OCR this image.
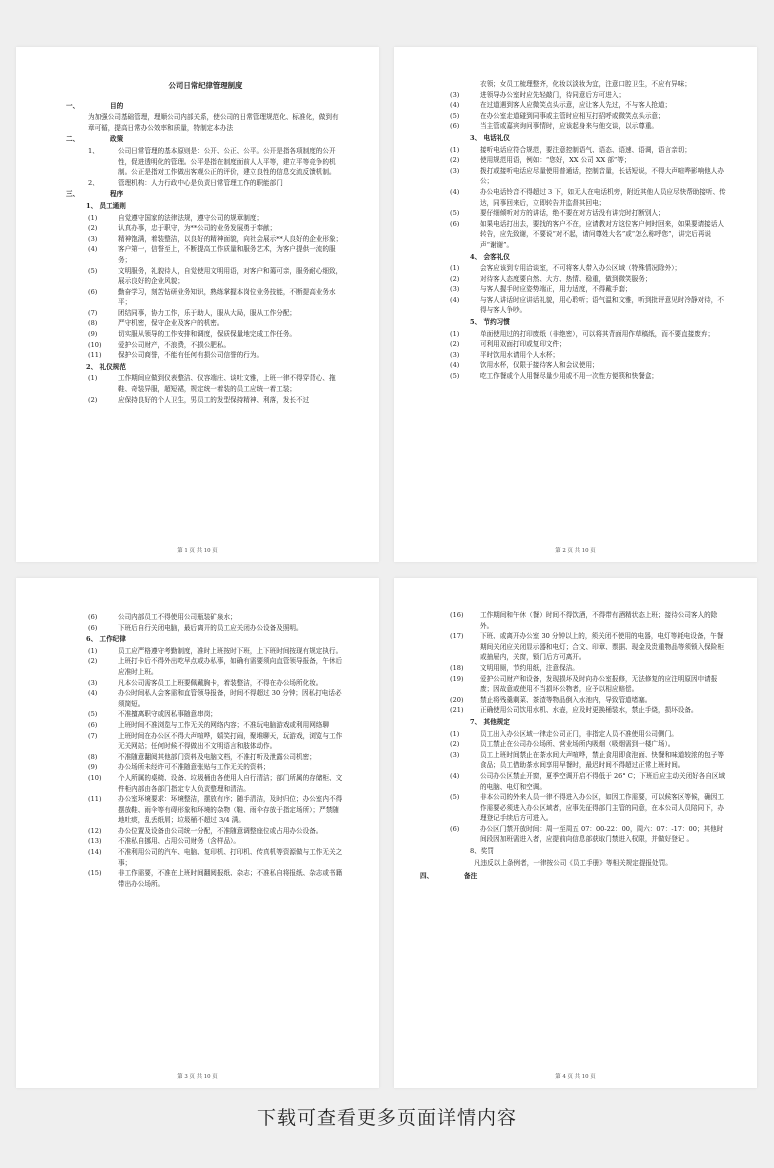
公司日常纪律管理制度
一、	目的
为加强公司基础管理，理顺公司内部关系，使公司的日常管理规范化、标准化，做到有章可循，提高日常办公效率和质量，特制定本办法
二、	政策
1、	公司日常管理的基本原则是：公开、公正、公平。公开是指各项制度的公开性，促进透明化的管理。公平是指在制度面前人人平等，建立平等竞争的机制。公正是指对工作做出客观公正的评价，建立良性的信息交流反馈机制。
2、	管理机构：人力行政中心是负责日常管理工作的职能部门
三、	程序
1、 员工通则
(1)	自觉遵守国家的法律法规，遵守公司的规章制度；
(2)	认真办事，忠于职守，为**公司的业务发展勇于奉献；
(3)	精神饱满，着装整洁，以良好的精神面貌，向社会展示**人良好的企业形象；
(4)	客户第一，信誉至上，不断提高工作质量和服务艺术，为客户提供一流的服务；
(5)	文明服务，礼貌待人，自觉使用文明用语，对客户和蔼可亲，服务耐心细致，展示良好的企业风貌；
(6)	勤奋学习，刻苦钻研业务知识，熟练掌握本岗位业务技能，不断提高业务水平；
(7)	团结同事，协力工作，乐于助人，服从大局，服从工作分配；
(8)	严守机密，保守企业及客户的机密。
(9)	切实服从领导的工作安排和调度，保质保量地完成工作任务。
(10)	爱护公司财产，不浪费，不损公肥私。
(11)	保护公司商誉，不能有任何有损公司信誉的行为。
2、 礼仪规范
(1)	工作期间应做到仪表整洁、仪容端庄、谈吐文雅，上班一律不得穿背心、拖鞋、奇装异服，超短裙，规定统一着装的员工应统一着工装；
(2)	应保持良好的个人卫生，男员工的发型保持精神、利落，发长不过
第 1 页 共 10 页
衣领；女员工梳理整齐，化妆以淡妆为宜，注意口腔卫生，不应有异味；
(3)	进领导办公室时应先轻敲门，待同意后方可进入；
(4)	在过道遇到客人应微笑点头示意，应让客人先过，不与客人抢道；
(5)	在办公室走道碰到同事或主管时应相互打招呼或微笑点头示意；
(6)	当主管或嘉宾询问事情时，应该起身来与他交谈，以示尊重。
3、 电话礼仪
(1)	接听电话应符合规范，要注意控制语气、语态、语速、语调，语言亲切；
(2)	使用规范用语，例如：“您好，XX 公司 XX 部”等；
(3)	拨打或接听电话应尽量使用普通话，控制音量，长话短说，不得大声喧哗影响他人办公；
(4)	办公电话铃音不得超过 3 下，如无人在电话机旁，附近其他人员应尽快帮助接听、传达，同事回来后，立即转告并监督其回电；
(5)	要仔细倾听对方的讲话，绝不要在对方话没有讲完时打断别人；
(6)	如果电话打出去，要找的客户不在，应请教对方这位客户何时回来，如果要请接话人转告，应先致谢，不要说“对不起，请问尊姓大名”或“怎么称呼您”，讲完后再说声“谢谢”。
4、 会客礼仪
(1)	会客应该到专用洽谈室，不可将客人带入办公区域（特殊情况除外）；
(2)	对待客人态度要自然、大方、热情、稳重，做到微笑服务；
(3)	与客人握手时应姿势端正，用力适度，不得戴手套；
(4)	与客人讲话时应讲话礼貌，用心聆听；语气温和文雅，听到批评意见时冷静对待，不得与客人争吵。
5、 节约习惯
(1)	单面使用过的打印废纸（非绝密），可以将其背面用作草稿纸，而不要直接废弃；
(2)	可利用双面打印或复印文件；
(3)	平时饮用水请用个人水杯；
(4)	饮用水杯，仅限于接待客人和会议使用；
(5)	吃工作餐或个人用餐尽量少用或不用一次性方便筷和快餐盒；
第 2 页 共 10 页
(6)	公司内部员工不得使用公司瓶装矿泉水；
(6)	下班后自行关闭电脑，最后离开的员工应关闭办公设备及照明。
6、 工作纪律
(1)	员工应严格遵守考勤制度，准时上班按时下班，上下班时间按现有规定执行。
(2)	上班打卡后不得外出吃早点或办私事，如确有需要须向直管领导报备，午休后应准时上班。
(3)	凡本公司需客员工上班要佩戴胸卡，着装整洁，不得在办公场所化妆。
(4)	办公时间私人会客需和直管领导报备，时间不得超过 30 分钟；因私打电话必须简短。
(5)	不准擅离职守或因私事随意串岗；
(6)	上班时间不准浏览与工作无关的网络内容；不准玩电脑游戏或利用网络聊
(7)	上班时间在办公区不得大声喧哗，嬉笑打闹，聚堆聊天，玩游戏，浏览与工作无关网站；任何时候不得做出不文明语言和肢体动作。
(8)	不准随意翻阅其他部门资料及电脑文档，不准打听及泄露公司机密；
(9)	办公场所未经许可不准随意张贴与工作无关的资料；
(10)	个人所属的桌椅、设备、垃圾桶由各使用人自行清洁；部门所属的存储柜、文件柜内部由各部门指定专人负责整理和清洁。
(11)	办公室环境要求：环境整洁，摆放有序；随手清洁，及时归位；办公室内不得摆放鞋、雨伞等有碍形象和环境的杂物（鞋、雨伞存放于指定场所）；严禁随地吐痰，乱丢纸屑；垃圾桶不超过 3/4 满。
(12)	办公位置及设备由公司统一分配，不准随意调整座位或占用办公设备。
(13)	不准私自挪用、占用公司财务（含样品）。
(14)	不准利用公司的汽车、电脑、复印机、打印机、传真机等资源做与工作无关之事；
(15)	非工作需要，不准在上班时间翻阅报纸、杂志；不准私自将报纸、杂志或书籍带出办公场所。
第 3 页 共 10 页
(16)	工作期间和午休（餐）时间不得饮酒，不得带有酒精状态上班；接待公司客人的除外。
(17)	下班、或离开办公室 30 分钟以上的，须关闭不使用的电器，电灯等耗电设备，午餐期间关闭应关闭显示器和电灯；合文、印章、票据、现金及贵重物品等须锁入保险柜或抽屉内，关窗，锁门后方可离开。
(18)	文明用厕，节约用纸，注意保洁。
(19)	爱护公司财产和设备，发现损坏及时向办公室报修，无法修复的应注明原因申请报废；因故意或使用不当损坏公物者，应予以相应赔偿。
(20)	禁止将残羹剩菜、茶渣等物品倒入水池内，导致管道堵塞。
(21)	正确使用公司饮用水机、水壶，应及时更换桶装水，禁止手烧，损坏设备。
7、 其他规定
(1)	员工出入办公区域一律走公司正门，非指定人员不准使用公司侧门。
(2)	员工禁止在公司办公场所、营业场所内吸烟（吸烟需到一楼广场）。
(3)	员工上班时间禁止在茶水间大声喧哗，禁止食用即食泡面、快餐和味道较浓的包子等食品；员工借助茶水间享用早餐时，最迟时间不得超过正常上班时间。
(4)	公司办公区禁止开窗，夏季空调开启不得低于 26° C；下班后应主动关闭好各自区域的电脑、电灯和空调。
(5)	非本公司的外来人员一律不得进入办公区，如因工作需要，可以候客区等候，确因工作需要必须进入办公区域者，应事先征得部门主管的同意，在本公司人员陪同下，办理登记手续后方可进入。
(6)	办公区门禁开放时间：周一至周五 07：00-22：00，周六：07：-17：00；其他时间段因加班需进入者，应提前向信息部获取门禁进入权限，并做好登记 。
8、奖罚
凡违反以上条例者，一律按公司《员工手册》等相关规定提报处罚。
四、	备注
第 4 页 共 10 页
下载可查看更多页面详情内容
